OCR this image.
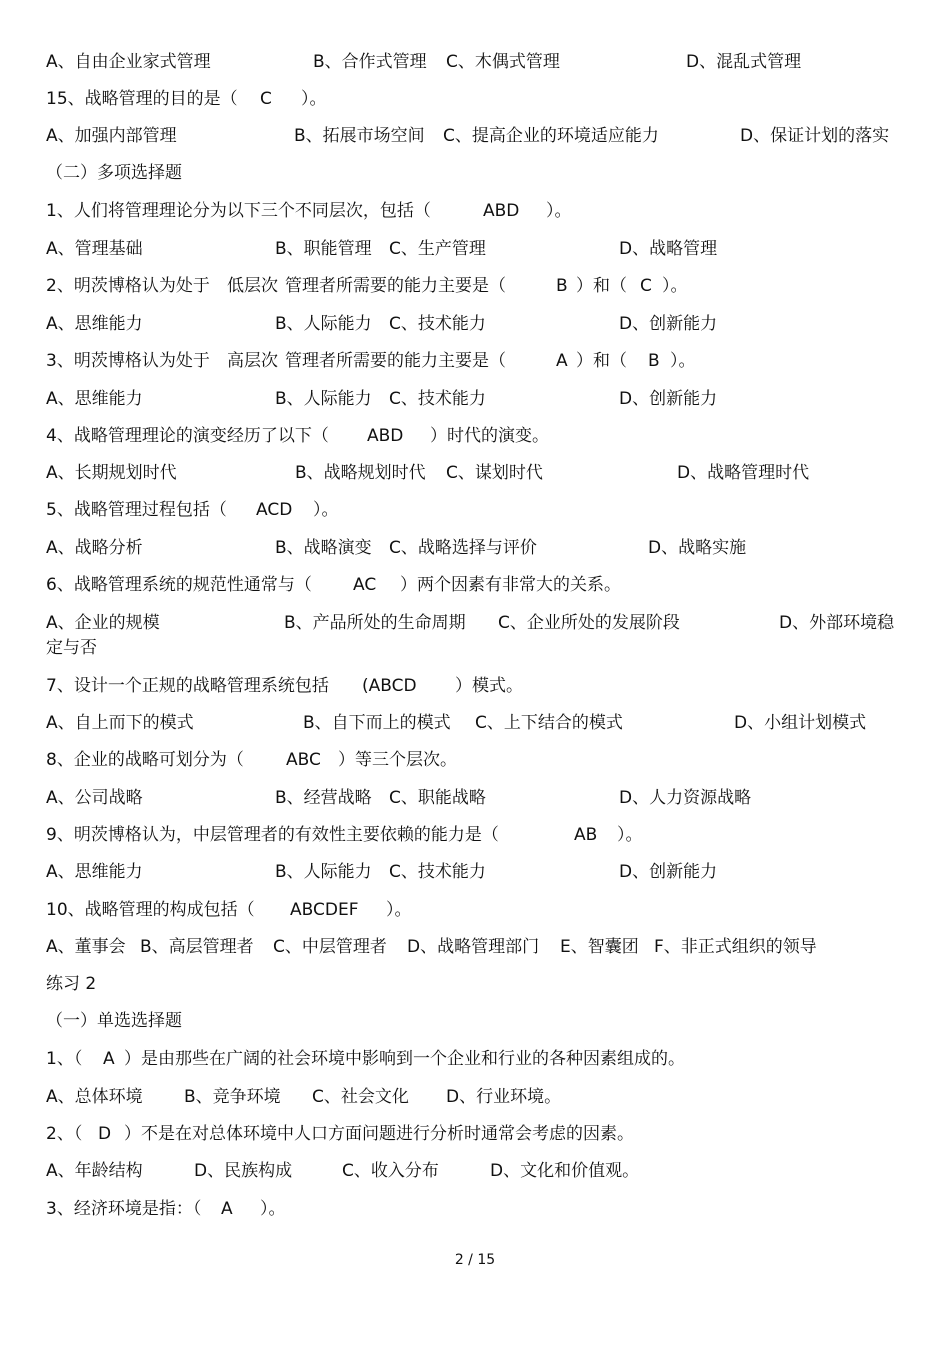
A、自由企业家式管理	B、合作式管理 C、木偶式管理	D、混乱式管理
15、战略管理的目的是（ C ）。
A、加强内部管理	B、拓展市场空间 C、提高企业的环境适应能力	D、保证计划的落实
（二）多项选择题
1、人们将管理理论分为以下三个不同层次，包括（	ABD ）。
A、管理基础	B、职能管理 C、生产管理	D、战略管理
2、明茨博格认为处于 低层次 管理者所需要的能力主要是（	B ）和（ C ）。
A、思维能力	B、人际能力 C、技术能力	D、创新能力
3、明茨博格认为处于 高层次 管理者所需要的能力主要是（	A ）和（ B ）。
A、思维能力	B、人际能力 C、技术能力	D、创新能力
4、战略管理理论的演变经历了以下（ ABD ）时代的演变。
A、长期规划时代	B、战略规划时代 C、谋划时代	D、战略管理时代
5、战略管理过程包括（ ACD ）。
A、战略分析	B、战略演变 C、战略选择与评价	D、战略实施
6、战略管理系统的规范性通常与（ AC ）两个因素有非常大的关系。
A、企业的规模	B、产品所处的生命周期 C、企业所处的发展阶段	D、外部环境稳
定与否
7、设计一个正规的战略管理系统包括 (ABCD ）模式。
A、自上而下的模式	B、自下而上的模式 C、上下结合的模式	D、小组计划模式
8、企业的战略可划分为（ ABC ）等三个层次。
A、公司战略	B、经营战略 C、职能战略	D、人力资源战略
9、明茨博格认为，中层管理者的有效性主要依赖的能力是（	AB ）。
A、思维能力	B、人际能力 C、技术能力	D、创新能力
10、战略管理的构成包括（ ABCDEF ）。
A、董事会 B、高层管理者 C、中层管理者 D、战略管理部门 E、智囊团 F、非正式组织的领导
练习 2
（一）单选选择题
1、（ A ）是由那些在广阔的社会环境中影响到一个企业和行业的各种因素组成的。
A、总体环境 B、竞争环境 C、社会文化 D、行业环境。
2、（ D ）不是在对总体环境中人口方面问题进行分析时通常会考虑的因素。
A、年龄结构	D、民族构成	C、收入分布	D、文化和价值观。
3、经济环境是指：（ A ）。
2 / 15
